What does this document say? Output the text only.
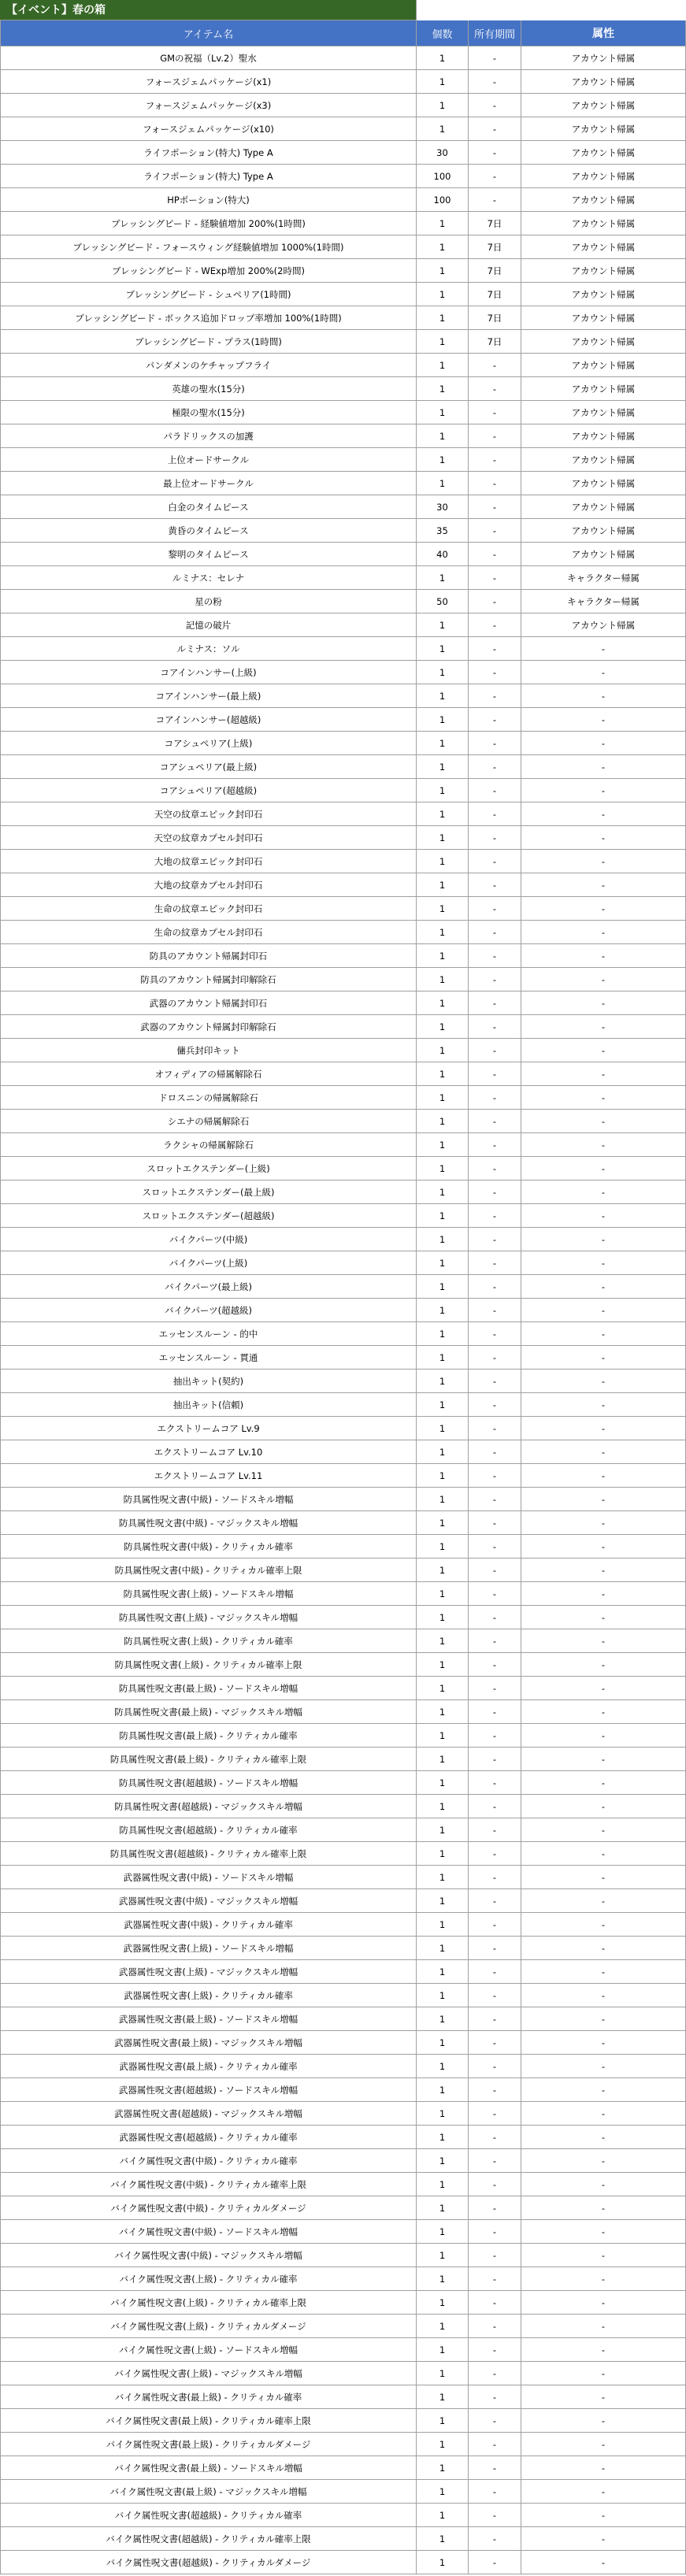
【イベント】春の箱
アイテム名	個数	所有期間	属性
GMの祝福（Lv.2）聖水	1	-	アカウント帰属
フォースジェムパッケージ(x1)	1	-	アカウント帰属
フォースジェムパッケージ(x3)	1	-	アカウント帰属
フォースジェムパッケージ(x10)	1	-	アカウント帰属
ライフポーション(特大) Type A	30	-	アカウント帰属
ライフポーション(特大) Type A	100	-	アカウント帰属
HPポーション(特大)	100	-	アカウント帰属
ブレッシングビード - 経験値増加 200%(1時間)	1	7日	アカウント帰属
ブレッシングビード - フォースウィング経験値増加 1000%(1時間)	1	7日	アカウント帰属
ブレッシングビード - WExp増加 200%(2時間)	1	7日	アカウント帰属
ブレッシングビード - シュペリア(1時間)	1	7日	アカウント帰属
ブレッシングビード - ボックス追加ドロップ率増加 100%(1時間)	1	7日	アカウント帰属
ブレッシングビード - プラス(1時間)	1	7日	アカウント帰属
パンダメンのケチャップフライ	1	-	アカウント帰属
英雄の聖水(15分)	1	-	アカウント帰属
極限の聖水(15分)	1	-	アカウント帰属
パラドリックスの加護	1	-	アカウント帰属
上位オードサークル	1	-	アカウント帰属
最上位オードサークル	1	-	アカウント帰属
白金のタイムピース	30	-	アカウント帰属
黄昏のタイムピース	35	-	アカウント帰属
黎明のタイムピース	40	-	アカウント帰属
ルミナス：セレナ	1	-	キャラクター帰属
星の粉	50	-	キャラクター帰属
記憶の破片	1	-	アカウント帰属
ルミナス：ソル	1	-	-
コアインハンサー(上級)	1	-	-
コアインハンサー(最上級)	1	-	-
コアインハンサー(超越級)	1	-	-
コアシュペリア(上級)	1	-	-
コアシュペリア(最上級)	1	-	-
コアシュペリア(超越級)	1	-	-
天空の紋章エピック封印石	1	-	-
天空の紋章カプセル封印石	1	-	-
大地の紋章エピック封印石	1	-	-
大地の紋章カプセル封印石	1	-	-
生命の紋章エピック封印石	1	-	-
生命の紋章カプセル封印石	1	-	-
防具のアカウント帰属封印石	1	-	-
防具のアカウント帰属封印解除石	1	-	-
武器のアカウント帰属封印石	1	-	-
武器のアカウント帰属封印解除石	1	-	-
傭兵封印キット	1	-	-
オフィディアの帰属解除石	1	-	-
ドロスニンの帰属解除石	1	-	-
シエナの帰属解除石	1	-	-
ラクシャの帰属解除石	1	-	-
スロットエクステンダー(上級)	1	-	-
スロットエクステンダー(最上級)	1	-	-
スロットエクステンダー(超越級)	1	-	-
バイクパーツ(中級)	1	-	-
バイクパーツ(上級)	1	-	-
バイクパーツ(最上級)	1	-	-
バイクパーツ(超越級)	1	-	-
エッセンスルーン - 的中	1	-	-
エッセンスルーン - 貫通	1	-	-
抽出キット(契約)	1	-	-
抽出キット(信頼)	1	-	-
エクストリームコア Lv.9	1	-	-
エクストリームコア Lv.10	1	-	-
エクストリームコア Lv.11	1	-	-
防具属性呪文書(中級) - ソードスキル増幅	1	-	-
防具属性呪文書(中級) - マジックスキル増幅	1	-	-
防具属性呪文書(中級) - クリティカル確率	1	-	-
防具属性呪文書(中級) - クリティカル確率上限	1	-	-
防具属性呪文書(上級) - ソードスキル増幅	1	-	-
防具属性呪文書(上級) - マジックスキル増幅	1	-	-
防具属性呪文書(上級) - クリティカル確率	1	-	-
防具属性呪文書(上級) - クリティカル確率上限	1	-	-
防具属性呪文書(最上級) - ソードスキル増幅	1	-	-
防具属性呪文書(最上級) - マジックスキル増幅	1	-	-
防具属性呪文書(最上級) - クリティカル確率	1	-	-
防具属性呪文書(最上級) - クリティカル確率上限	1	-	-
防具属性呪文書(超越級) - ソードスキル増幅	1	-	-
防具属性呪文書(超越級) - マジックスキル増幅	1	-	-
防具属性呪文書(超越級) - クリティカル確率	1	-	-
防具属性呪文書(超越級) - クリティカル確率上限	1	-	-
武器属性呪文書(中級) - ソードスキル増幅	1	-	-
武器属性呪文書(中級) - マジックスキル増幅	1	-	-
武器属性呪文書(中級) - クリティカル確率	1	-	-
武器属性呪文書(上級) - ソードスキル増幅	1	-	-
武器属性呪文書(上級) - マジックスキル増幅	1	-	-
武器属性呪文書(上級) - クリティカル確率	1	-	-
武器属性呪文書(最上級) - ソードスキル増幅	1	-	-
武器属性呪文書(最上級) - マジックスキル増幅	1	-	-
武器属性呪文書(最上級) - クリティカル確率	1	-	-
武器属性呪文書(超越級) - ソードスキル増幅	1	-	-
武器属性呪文書(超越級) - マジックスキル増幅	1	-	-
武器属性呪文書(超越級) - クリティカル確率	1	-	-
バイク属性呪文書(中級) - クリティカル確率	1	-	-
バイク属性呪文書(中級) - クリティカル確率上限	1	-	-
バイク属性呪文書(中級) - クリティカルダメージ	1	-	-
バイク属性呪文書(中級) - ソードスキル増幅	1	-	-
バイク属性呪文書(中級) - マジックスキル増幅	1	-	-
バイク属性呪文書(上級) - クリティカル確率	1	-	-
バイク属性呪文書(上級) - クリティカル確率上限	1	-	-
バイク属性呪文書(上級) - クリティカルダメージ	1	-	-
バイク属性呪文書(上級) - ソードスキル増幅	1	-	-
バイク属性呪文書(上級) - マジックスキル増幅	1	-	-
バイク属性呪文書(最上級) - クリティカル確率	1	-	-
バイク属性呪文書(最上級) - クリティカル確率上限	1	-	-
バイク属性呪文書(最上級) - クリティカルダメージ	1	-	-
バイク属性呪文書(最上級) - ソードスキル増幅	1	-	-
バイク属性呪文書(最上級) - マジックスキル増幅	1	-	-
バイク属性呪文書(超越級) - クリティカル確率	1	-	-
バイク属性呪文書(超越級) - クリティカル確率上限	1	-	-
バイク属性呪文書(超越級) - クリティカルダメージ	1	-	-
